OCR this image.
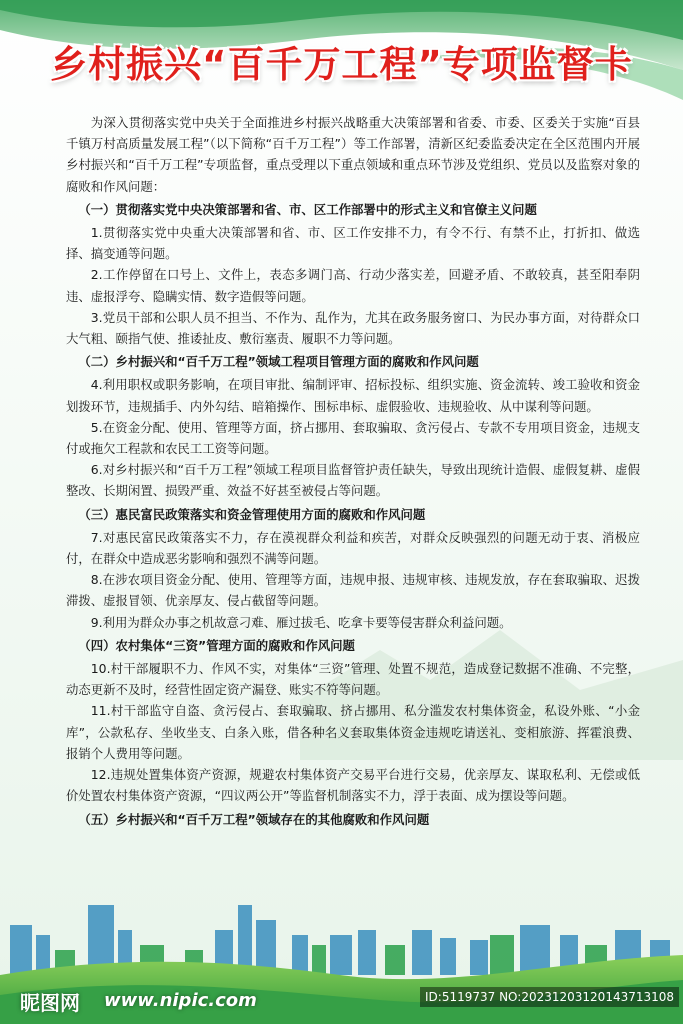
乡村振兴“百千万工程”专项监督卡

为深入贯彻落实党中央关于全面推进乡村振兴战略重大决策部署和省委、市委、区委关于实施“百县千镇万村高质量发展工程”（以下简称“百千万工程”）等工作部署，清新区纪委监委决定在全区范围内开展乡村振兴和“百千万工程”专项监督，重点受理以下重点领域和重点环节涉及党组织、党员以及监察对象的腐败和作风问题：

（一）贯彻落实党中央决策部署和省、市、区工作部署中的形式主义和官僚主义问题

1.贯彻落实党中央重大决策部署和省、市、区工作安排不力，有令不行、有禁不止，打折扣、做选择、搞变通等问题。

2.工作停留在口号上、文件上，表态多调门高、行动少落实差，回避矛盾、不敢较真，甚至阳奉阴违、虚报浮夸、隐瞒实情、数字造假等问题。

3.党员干部和公职人员不担当、不作为、乱作为，尤其在政务服务窗口、为民办事方面，对待群众口大气粗、颐指气使、推诿扯皮、敷衍塞责、履职不力等问题。

（二）乡村振兴和“百千万工程”领域工程项目管理方面的腐败和作风问题

4.利用职权或职务影响，在项目审批、编制评审、招标投标、组织实施、资金流转、竣工验收和资金划拨环节，违规插手、内外勾结、暗箱操作、围标串标、虚假验收、违规验收、从中谋利等问题。

5.在资金分配、使用、管理等方面，挤占挪用、套取骗取、贪污侵占、专款不专用项目资金，违规支付或拖欠工程款和农民工工资等问题。

6.对乡村振兴和“百千万工程”领域工程项目监督管护责任缺失，导致出现统计造假、虚假复耕、虚假整改、长期闲置、损毁严重、效益不好甚至被侵占等问题。

（三）惠民富民政策落实和资金管理使用方面的腐败和作风问题

7.对惠民富民政策落实不力，存在漠视群众利益和疾苦，对群众反映强烈的问题无动于衷、消极应付，在群众中造成恶劣影响和强烈不满等问题。

8.在涉农项目资金分配、使用、管理等方面，违规申报、违规审核、违规发放，存在套取骗取、迟拨滞拨、虚报冒领、优亲厚友、侵占截留等问题。

9.利用为群众办事之机故意刁难、雁过拔毛、吃拿卡要等侵害群众利益问题。

（四）农村集体“三资”管理方面的腐败和作风问题

10.村干部履职不力、作风不实，对集体“三资”管理、处置不规范，造成登记数据不准确、不完整，动态更新不及时，经营性固定资产漏登、账实不符等问题。

11.村干部监守自盗、贪污侵占、套取骗取、挤占挪用、私分滥发农村集体资金，私设外账、“小金库”，公款私存、坐收坐支、白条入账，借各种名义套取集体资金违规吃请送礼、变相旅游、挥霍浪费、报销个人费用等问题。

12.违规处置集体资产资源，规避农村集体资产交易平台进行交易，优亲厚友、谋取私利、无偿或低价处置农村集体资产资源，“四议两公开”等监督机制落实不力，浮于表面、成为摆设等问题。

（五）乡村振兴和“百千万工程”领域存在的其他腐败和作风问题
昵图网 www.nipic.com	ID:5119737 NO:20231203120143713108
